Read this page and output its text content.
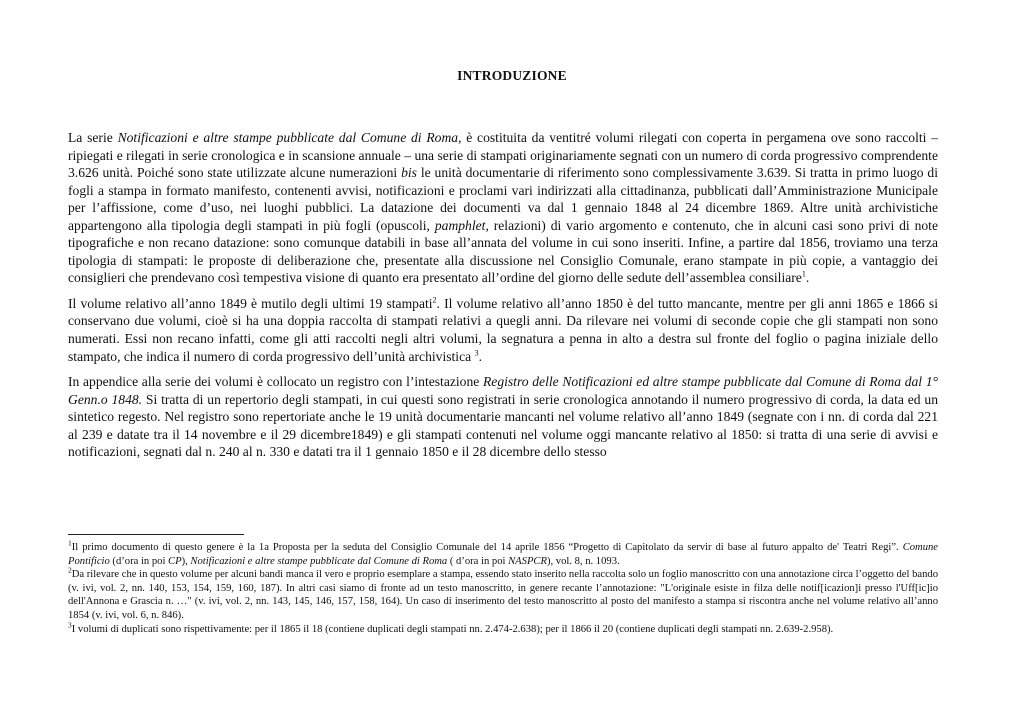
INTRODUZIONE

La serie Notificazioni e altre stampe pubblicate dal Comune di Roma, è costituita da ventitré volumi rilegati con coperta in pergamena ove sono raccolti – ripiegati e rilegati in serie cronologica e in scansione annuale – una serie di stampati originariamente segnati con un numero di corda progressivo comprendente 3.626 unità. Poiché sono state utilizzate alcune numerazioni bis le unità documentarie di riferimento sono complessivamente 3.639. Si tratta in primo luogo di fogli a stampa in formato manifesto, contenenti avvisi, notificazioni e proclami vari indirizzati alla cittadinanza, pubblicati dall’Amministrazione Municipale per l’affissione, come d’uso, nei luoghi pubblici. La datazione dei documenti va dal 1 gennaio 1848 al 24 dicembre 1869. Altre unità archivistiche appartengono alla tipologia degli stampati in più fogli (opuscoli, pamphlet, relazioni) di vario argomento e contenuto, che in alcuni casi sono privi di note tipografiche e non recano datazione: sono comunque databili in base all’annata del volume in cui sono inseriti. Infine, a partire dal 1856, troviamo una terza tipologia di stampati: le proposte di deliberazione che, presentate alla discussione nel Consiglio Comunale, erano stampate in più copie, a vantaggio dei consiglieri che prendevano così tempestiva visione di quanto era presentato all’ordine del giorno delle sedute dell’assemblea consiliare$^1$.

Il volume relativo all’anno 1849 è mutilo degli ultimi 19 stampati$^2$. Il volume relativo all’anno 1850 è del tutto mancante, mentre per gli anni 1865 e 1866 si conservano due volumi, cioè si ha una doppia raccolta di stampati relativi a quegli anni. Da rilevare nei volumi di seconde copie che gli stampati non sono numerati. Essi non recano infatti, come gli atti raccolti negli altri volumi, la segnatura a penna in alto a destra sul fronte del foglio o pagina iniziale dello stampato, che indica il numero di corda progressivo dell’unità archivistica $^3$.

In appendice alla serie dei volumi è collocato un registro con l’intestazione Registro delle Notificazioni ed altre stampe pubblicate dal Comune di Roma dal 1° Genn.o 1848. Si tratta di un repertorio degli stampati, in cui questi sono registrati in serie cronologica annotando il numero progressivo di corda, la data ed un sintetico regesto. Nel registro sono repertoriate anche le 19 unità documentarie mancanti nel volume relativo all’anno 1849 (segnate con i nn. di corda dal 221 al 239 e datate tra il 14 novembre e il 29 dicembre1849) e gli stampati contenuti nel volume oggi mancante relativo al 1850: si tratta di una serie di avvisi e notificazioni, segnati dal n. 240 al n. 330 e datati tra il 1 gennaio 1850 e il 28 dicembre dello stesso

$^1$Il primo documento di questo genere è la 1a Proposta per la seduta del Consiglio Comunale del 14 aprile 1856 “Progetto di Capitolato da servir di base al futuro appalto de' Teatri Regi”. Comune Pontificio (d’ora in poi CP), Notificazioni e altre stampe pubblicate dal Comune di Roma ( d’ora in poi NASPCR), vol. 8, n. 1093.

$^2$Da rilevare che in questo volume per alcuni bandi manca il vero e proprio esemplare a stampa, essendo stato inserito nella raccolta solo un foglio manoscritto con una annotazione circa l’oggetto del bando (v. ivi, vol. 2, nn. 140, 153, 154, 159, 160, 187). In altri casi siamo di fronte ad un testo manoscritto, in genere recante l’annotazione: "L'originale esiste in filza delle notif[icazion]i presso l'Uff[ic]io dell'Annona e Grascia n. …" (v. ivi, vol. 2, nn. 143, 145, 146, 157, 158, 164). Un caso di inserimento del testo manoscritto al posto del manifesto a stampa si riscontra anche nel volume relativo all’anno 1854 (v. ivi, vol. 6, n. 846).

$^3$I volumi di duplicati sono rispettivamente: per il 1865 il 18 (contiene duplicati degli stampati nn. 2.474-2.638); per il 1866 il 20 (contiene duplicati degli stampati nn. 2.639-2.958).
